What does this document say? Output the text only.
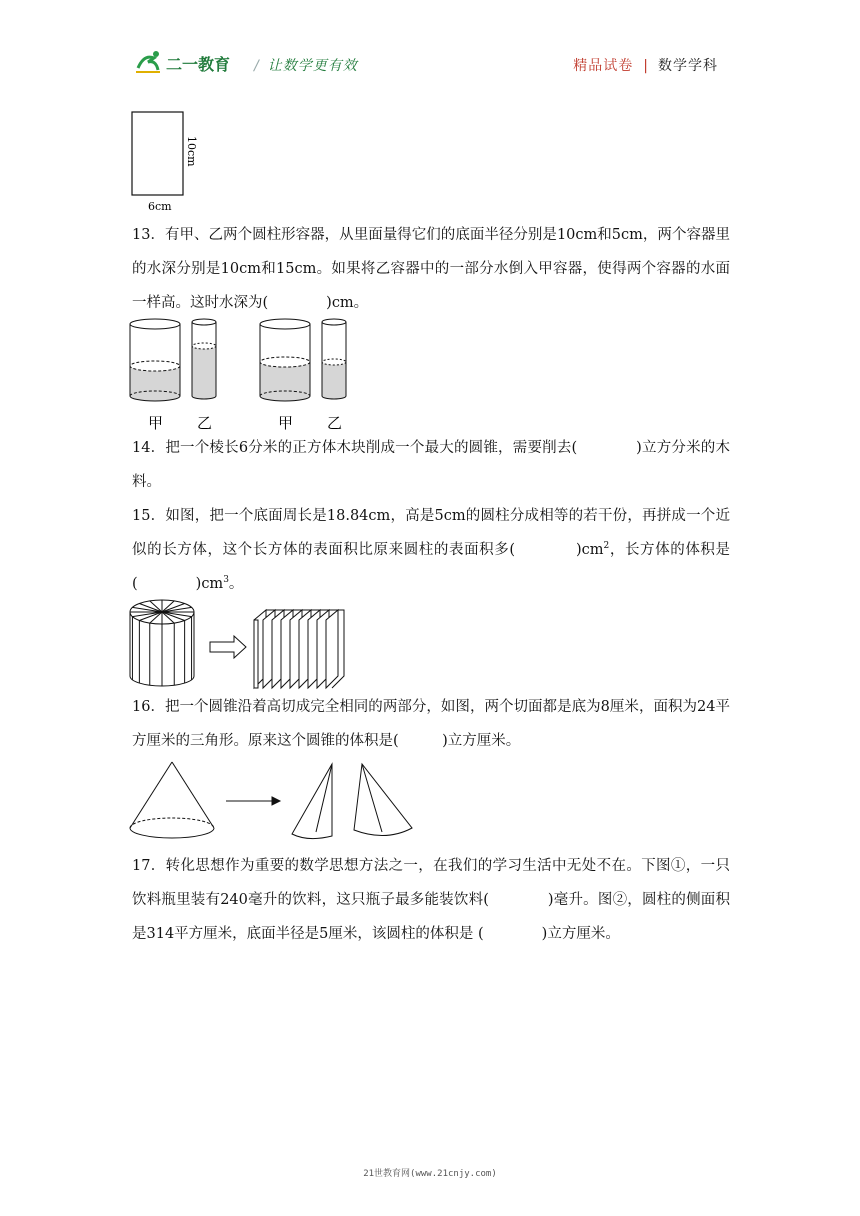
二一教育 / 让数学更有效	精品试卷 | 数学学科
10cm
6cm
13．有甲、乙两个圆柱形容器，从里面量得它们的底面半径分别是10cm和5cm，两个容器里的水深分别是10cm和15cm。如果将乙容器中的一部分水倒入甲容器，使得两个容器的水面一样高。这时水深为(　　　　)cm。
甲 乙	甲 乙
14．把一个棱长6分米的正方体木块削成一个最大的圆锥，需要削去(　　　　)立方分米的木料。
15．如图，把一个底面周长是18.84cm，高是5cm的圆柱分成相等的若干份，再拼成一个近似的长方体，这个长方体的表面积比原来圆柱的表面积多(　　　　)$cm^2$，长方体的体积是(　　　　)$cm^3$。
16．把一个圆锥沿着高切成完全相同的两部分，如图，两个切面都是底为8厘米，面积为24平方厘米的三角形。原来这个圆锥的体积是(　　　)立方厘米。
17．转化思想作为重要的数学思想方法之一，在我们的学习生活中无处不在。下图①，一只饮料瓶里装有240毫升的饮料，这只瓶子最多能装饮料(　　　　)毫升。图②，圆柱的侧面积是314平方厘米，底面半径是5厘米，该圆柱的体积是 (　　　　)立方厘米。
21世教育网(www.21cnjy.com)
